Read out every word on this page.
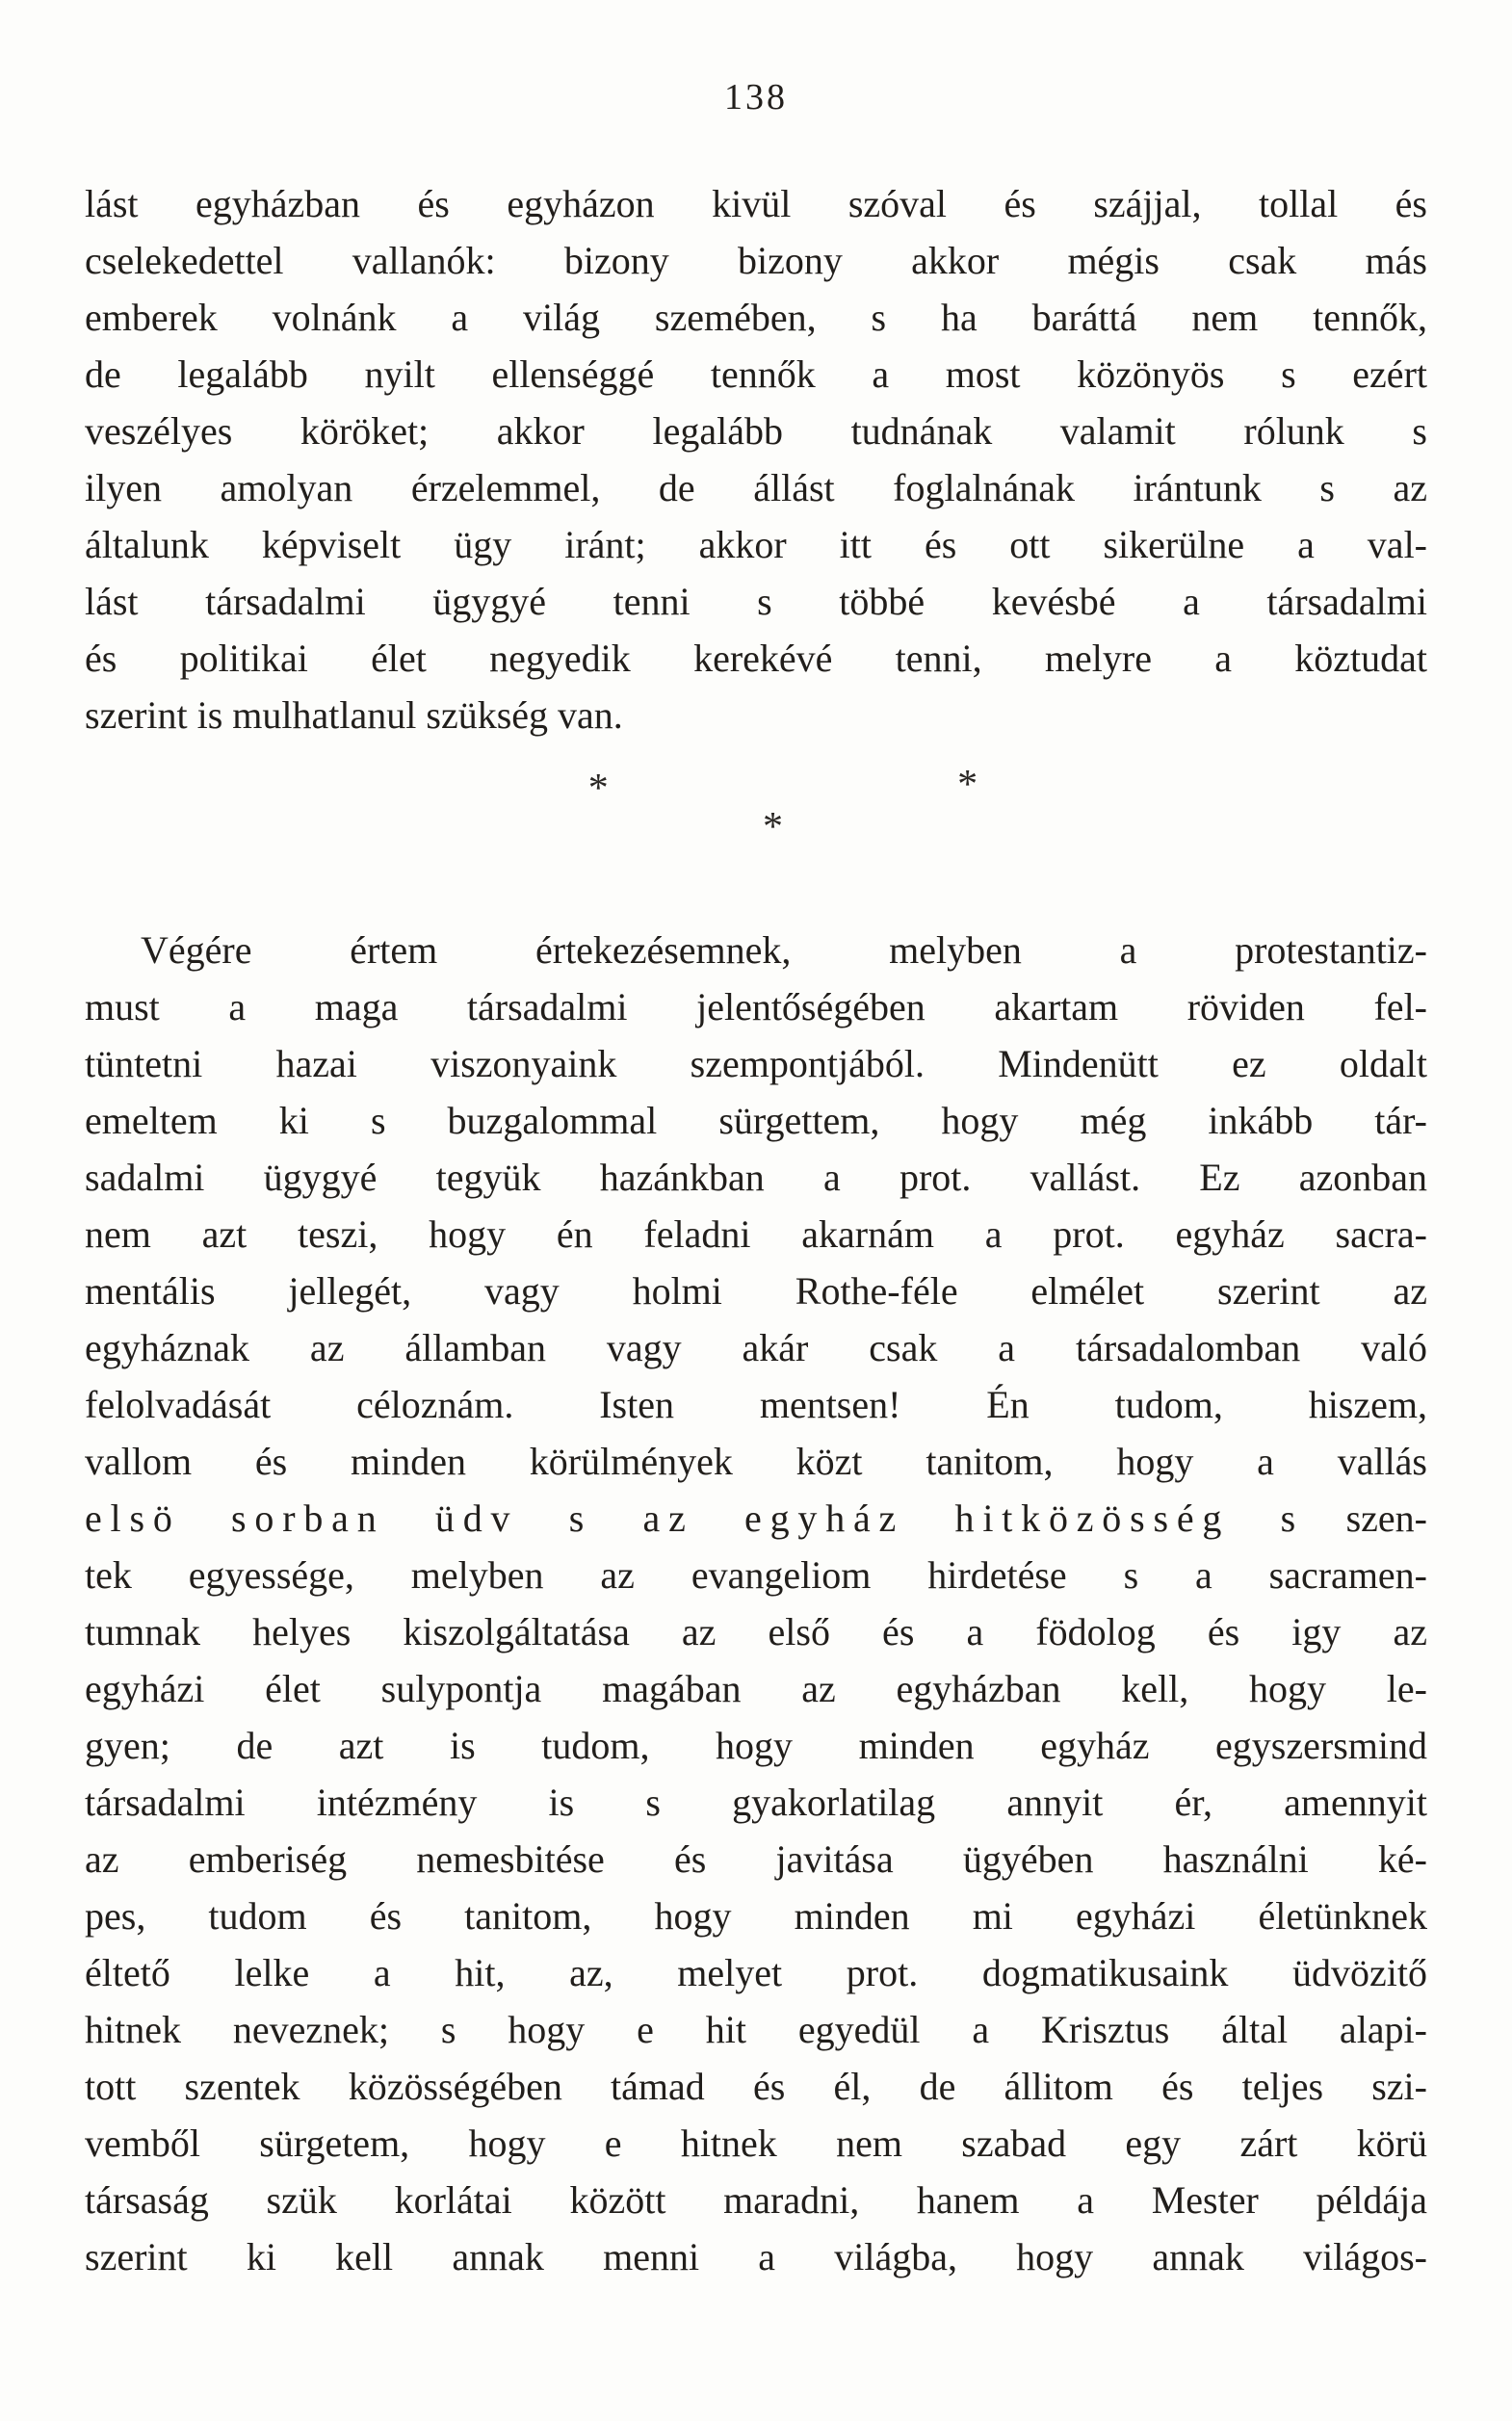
138
lást egyházban és egyházon kivül szóval és szájjal, tollal és
cselekedettel vallanók: bizony bizony akkor mégis csak más
emberek volnánk a világ szemében, s ha baráttá nem tennők,
de legalább nyilt ellenséggé tennők a most közönyös s ezért
veszélyes köröket; akkor legalább tudnának valamit rólunk s
ilyen amolyan érzelemmel, de állást foglalnának irántunk s az
általunk képviselt ügy iránt; akkor itt és ott sikerülne a val-
lást társadalmi ügygyé tenni s többé kevésbé a társadalmi
és politikai élet negyedik kerekévé tenni, melyre a köztudat
szerint is mulhatlanul szükség van.
*	*
*
Végére értem értekezésemnek, melyben a protestantiz-
must a maga társadalmi jelentőségében akartam röviden fel-
tüntetni hazai viszonyaink szempontjából. Mindenütt ez oldalt
emeltem ki s buzgalommal sürgettem, hogy még inkább tár-
sadalmi ügygyé tegyük hazánkban a prot. vallást. Ez azonban
nem azt teszi, hogy én feladni akarnám a prot. egyház sacra-
mentális jellegét, vagy holmi Rothe-féle elmélet szerint az
egyháznak az államban vagy akár csak a társadalomban való
felolvadását céloznám. Isten mentsen! Én tudom, hiszem,
vallom és minden körülmények közt tanitom, hogy a vallás
elsö sorban üdv s az egyház hitközösség s szen-
tek egyessége, melyben az evangeliom hirdetése s a sacramen-
tumnak helyes kiszolgáltatása az első és a födolog és igy az
egyházi élet sulypontja magában az egyházban kell, hogy le-
gyen; de azt is tudom, hogy minden egyház egyszersmind
társadalmi intézmény is s gyakorlatilag annyit ér, amennyit
az emberiség nemesbitése és javitása ügyében használni ké-
pes, tudom és tanitom, hogy minden mi egyházi életünknek
éltető lelke a hit, az, melyet prot. dogmatikusaink üdvözitő
hitnek neveznek; s hogy e hit egyedül a Krisztus által alapi-
tott szentek közösségében támad és él, de állitom és teljes szi-
vemből sürgetem, hogy e hitnek nem szabad egy zárt körü
társaság szük korlátai között maradni, hanem a Mester példája
szerint ki kell annak menni a világba, hogy annak világos-
